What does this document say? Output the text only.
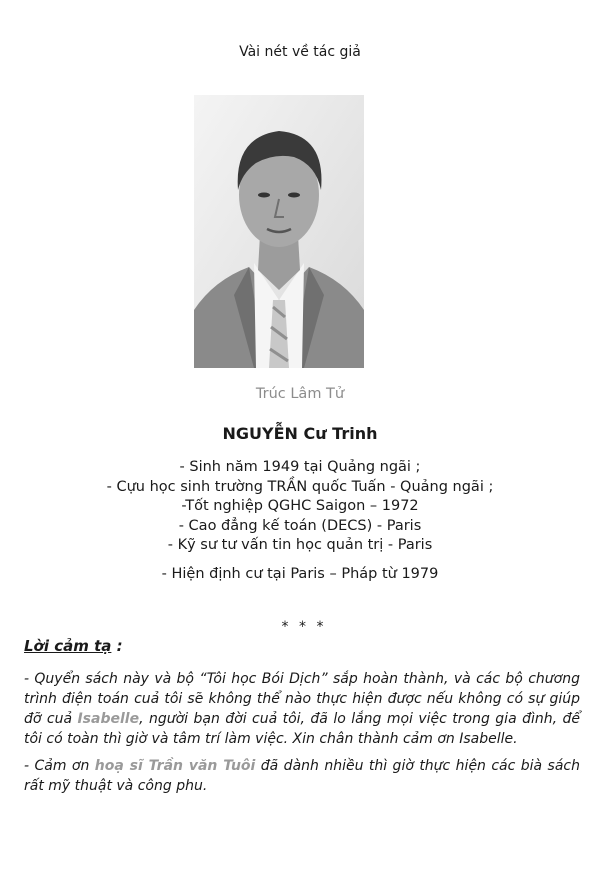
Vài nét về tác giả
Trúc Lâm Tử
NGUYỄN Cư Trinh
- Sinh năm 1949 tại Quảng ngãi ;
- Cựu học sinh trường TRẦN quốc Tuấn - Quảng ngãi ;
-Tốt nghiệp QGHC Saigon – 1972
- Cao đẳng kế toán (DECS) - Paris
- Kỹ sư tư vấn tin học quản trị - Paris
- Hiện định cư tại Paris – Pháp từ 1979
* * *
Lời cảm tạ :

- Quyển sách này và bộ “Tôi học Bói Dịch” sắp hoàn thành, và các bộ chương trình điện toán cuả tôi sẽ không thể nào thực hiện được nếu không có sự giúp đỡ cuả Isabelle, người bạn đời cuả tôi, đã lo lắng mọi việc trong gia đình, để tôi có toàn thì giờ và tâm trí làm việc. Xin chân thành cảm ơn Isabelle.

- Cảm ơn hoạ sĩ Trần văn Tuôi đã dành nhiều thì giờ thực hiện các bià sách rất mỹ thuật và công phu.
